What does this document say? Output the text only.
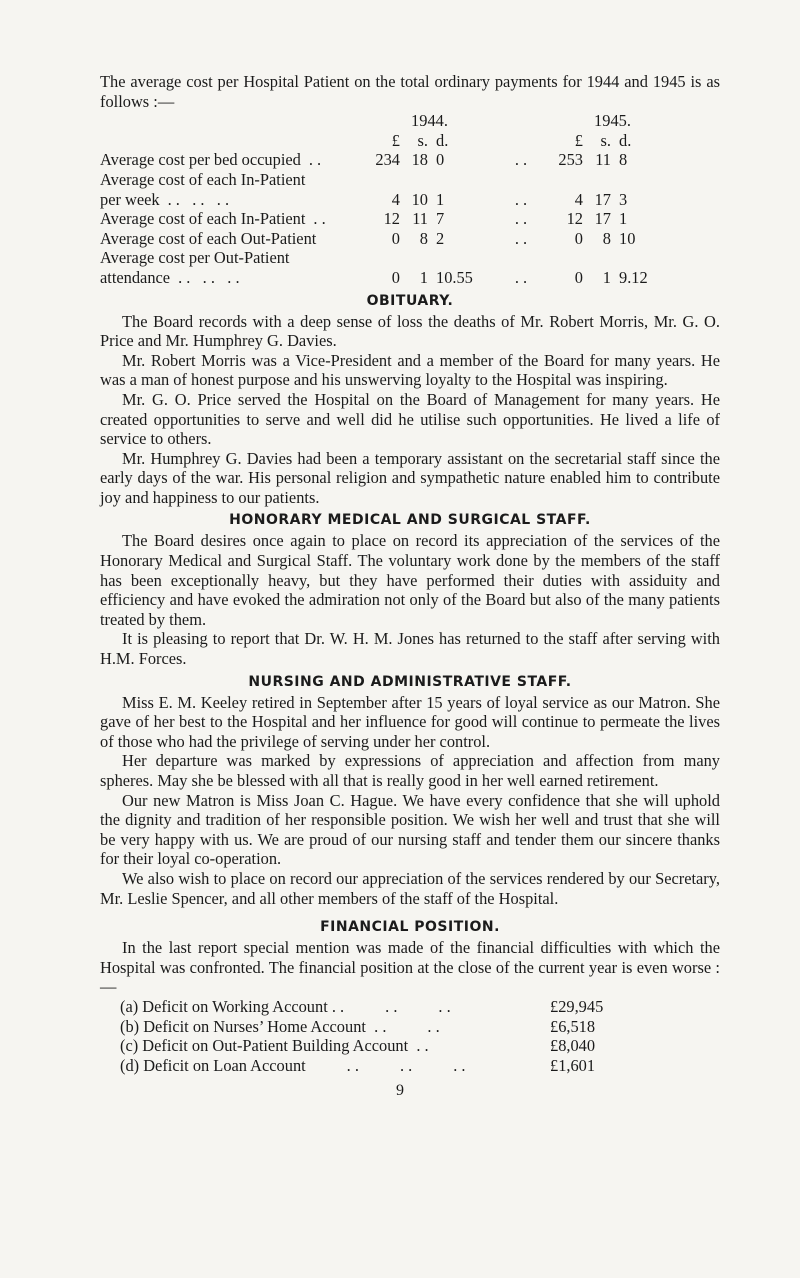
The average cost per Hospital Patient on the total ordinary payments for 1944 and 1945 is as follows :—

	1944.		1945.
	£ s. d.		£ s. d.
Average cost per bed occupied . .	234 18 0	. .	253 11 8
Average cost of each In-Patient			
per week . .   . .   . .	4 10 1	. .	4 17 3
Average cost of each In-Patient . .	12 11 7	. .	12 17 1
Average cost of each Out-Patient	0 8 2	. .	0 8 10
Average cost per Out-Patient			
attendance . .   . .   . .	0 1 10.55	. .	0 1 9.12
OBITUARY.

The Board records with a deep sense of loss the deaths of Mr. Robert Morris, Mr. G. O. Price and Mr. Humphrey G. Davies.

Mr. Robert Morris was a Vice-President and a member of the Board for many years. He was a man of honest purpose and his unswerving loyalty to the Hospital was inspiring.

Mr. G. O. Price served the Hospital on the Board of Management for many years. He created opportunities to serve and well did he utilise such opportunities. He lived a life of service to others.

Mr. Humphrey G. Davies had been a temporary assistant on the secretarial staff since the early days of the war. His personal religion and sympathetic nature enabled him to contribute joy and happiness to our patients.

HONORARY MEDICAL AND SURGICAL STAFF.

The Board desires once again to place on record its appreciation of the services of the Honorary Medical and Surgical Staff. The voluntary work done by the members of the staff has been exceptionally heavy, but they have performed their duties with assiduity and efficiency and have evoked the admiration not only of the Board but also of the many patients treated by them.

It is pleasing to report that Dr. W. H. M. Jones has returned to the staff after serving with H.M. Forces.

NURSING AND ADMINISTRATIVE STAFF.

Miss E. M. Keeley retired in September after 15 years of loyal service as our Matron. She gave of her best to the Hospital and her influence for good will continue to permeate the lives of those who had the privilege of serving under her control.

Her departure was marked by expressions of appreciation and affection from many spheres. May she be blessed with all that is really good in her well earned retirement.

Our new Matron is Miss Joan C. Hague. We have every confidence that she will uphold the dignity and tradition of her responsible position. We wish her well and trust that she will be very happy with us. We are proud of our nursing staff and tender them our sincere thanks for their loyal co-operation.

We also wish to place on record our appreciation of the services rendered by our Secretary, Mr. Leslie Spencer, and all other members of the staff of the Hospital.

FINANCIAL POSITION.

In the last report special mention was made of the financial difficulties with which the Hospital was confronted. The financial position at the close of the current year is even worse :—

(a) Deficit on Working Account . .          . .          . .	£29,945
(b) Deficit on Nurses’ Home Account  . .          . .	£6,518
(c) Deficit on Out-Patient Building Account  . .	£8,040
(d) Deficit on Loan Account          . .          . .          . .	£1,601
9
